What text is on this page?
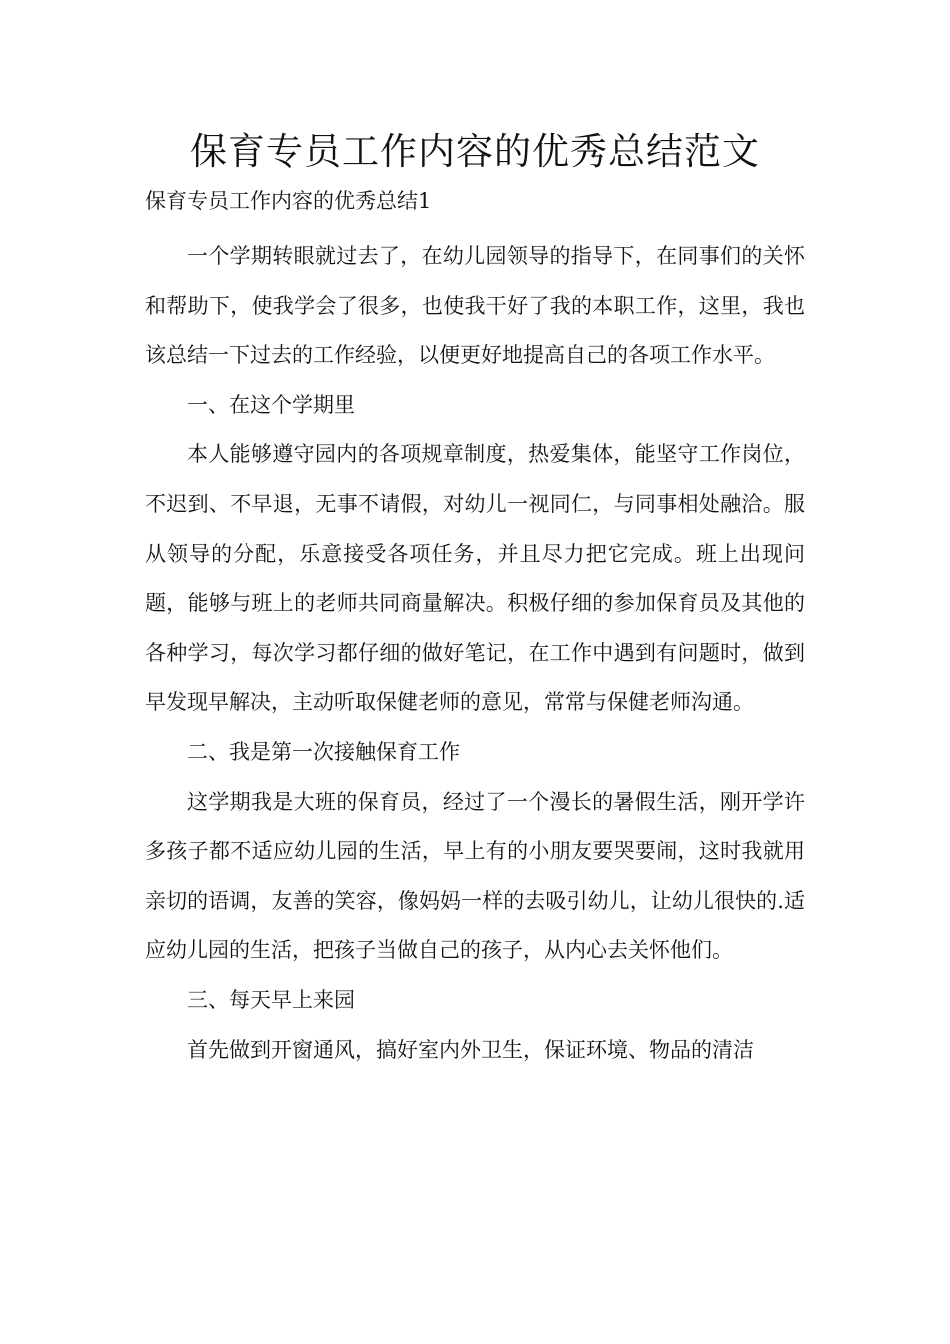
保育专员工作内容的优秀总结范文

保育专员工作内容的优秀总结1

一个学期转眼就过去了，在幼儿园领导的指导下，在同事们的关怀和帮助下，使我学会了很多，也使我干好了我的本职工作，这里，我也该总结一下过去的工作经验，以便更好地提高自己的各项工作水平。

一、在这个学期里

本人能够遵守园内的各项规章制度，热爱集体，能坚守工作岗位，不迟到、不早退，无事不请假，对幼儿一视同仁，与同事相处融洽。服从领导的分配，乐意接受各项任务，并且尽力把它完成。班上出现问题，能够与班上的老师共同商量解决。积极仔细的参加保育员及其他的各种学习，每次学习都仔细的做好笔记，在工作中遇到有问题时，做到早发现早解决，主动听取保健老师的意见，常常与保健老师沟通。

二、我是第一次接触保育工作

这学期我是大班的保育员，经过了一个漫长的暑假生活，刚开学许多孩子都不适应幼儿园的生活，早上有的小朋友要哭要闹，这时我就用亲切的语调，友善的笑容，像妈妈一样的去吸引幼儿，让幼儿很快的.适应幼儿园的生活，把孩子当做自己的孩子，从内心去关怀他们。

三、每天早上来园

首先做到开窗通风，搞好室内外卫生，保证环境、物品的清洁
